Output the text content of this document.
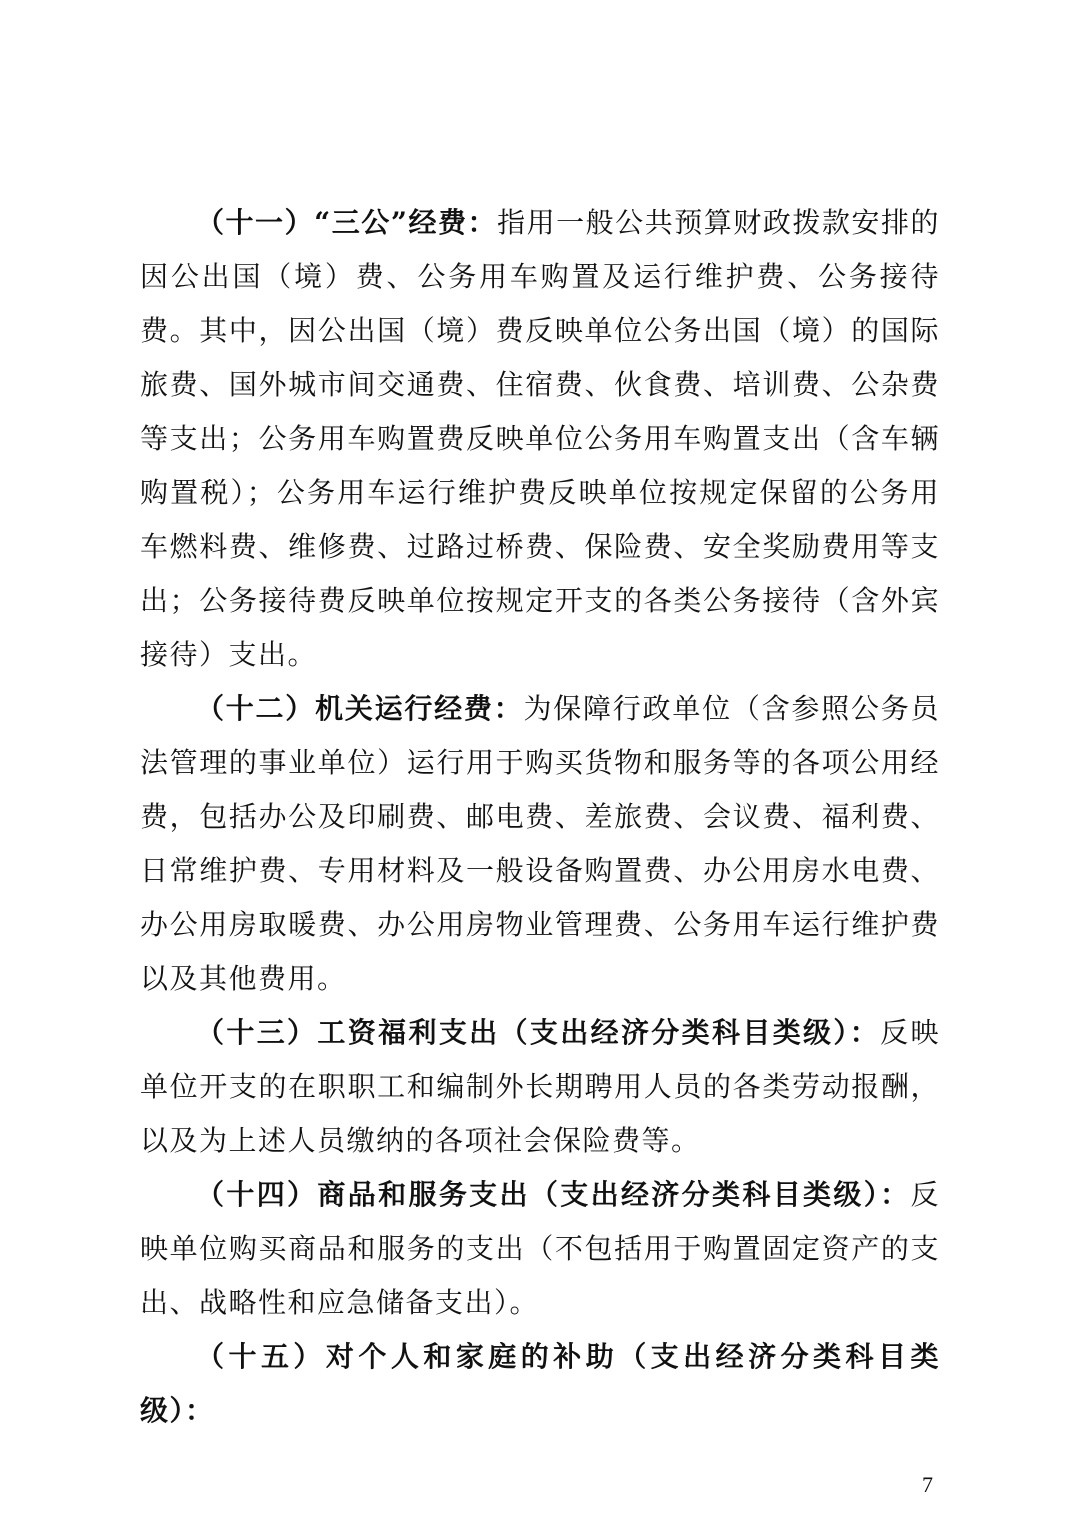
（十一）“三公”经费：指用一般公共预算财政拨款安排的因公出国（境）费、公务用车购置及运行维护费、公务接待费。其中，因公出国（境）费反映单位公务出国（境）的国际旅费、国外城市间交通费、住宿费、伙食费、培训费、公杂费等支出；公务用车购置费反映单位公务用车购置支出（含车辆购置税）；公务用车运行维护费反映单位按规定保留的公务用车燃料费、维修费、过路过桥费、保险费、安全奖励费用等支出；公务接待费反映单位按规定开支的各类公务接待（含外宾接待）支出。

（十二）机关运行经费：为保障行政单位（含参照公务员法管理的事业单位）运行用于购买货物和服务等的各项公用经费，包括办公及印刷费、邮电费、差旅费、会议费、福利费、日常维护费、专用材料及一般设备购置费、办公用房水电费、办公用房取暖费、办公用房物业管理费、公务用车运行维护费以及其他费用。

（十三）工资福利支出（支出经济分类科目类级）：反映单位开支的在职职工和编制外长期聘用人员的各类劳动报酬，以及为上述人员缴纳的各项社会保险费等。

（十四）商品和服务支出（支出经济分类科目类级）：反映单位购买商品和服务的支出（不包括用于购置固定资产的支出、战略性和应急储备支出）。

（十五）对个人和家庭的补助（支出经济分类科目类级）：

7
